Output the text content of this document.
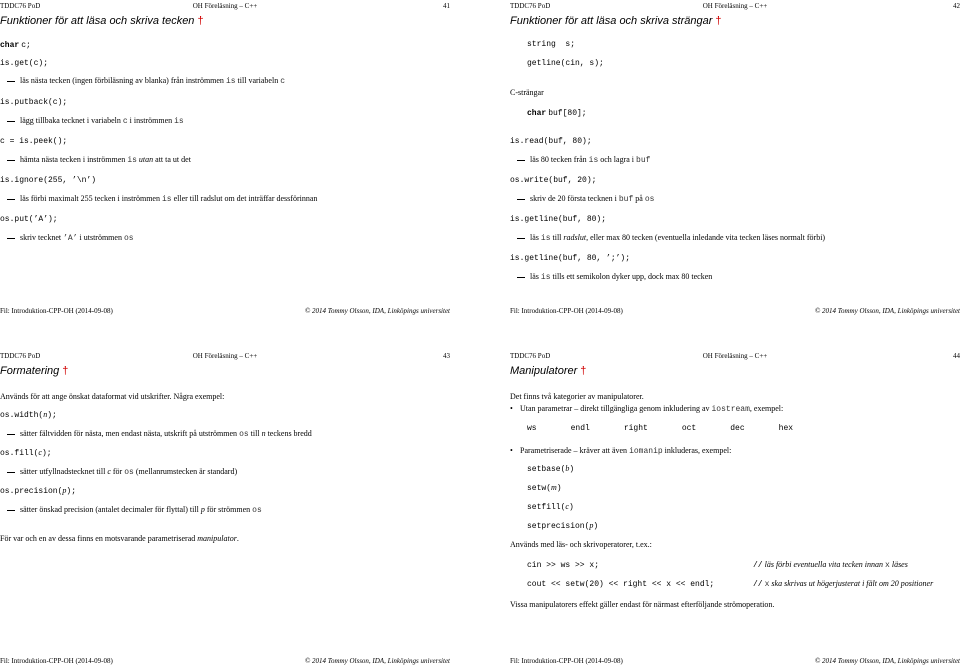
TDDC76 PoD	OH Föreläsning – C++	41
Funktioner för att läsa och skriva tecken †
char c;
is.get(c);
läs nästa tecken (ingen förbiläsning av blanka) från inströmmen is till variabeln c
is.putback(c);
lägg tillbaka tecknet i variabeln c i inströmmen is
c = is.peek();
hämta nästa tecken i inströmmen is utan att ta ut det
is.ignore(255, ’\n’)
läs förbi maximalt 255 tecken i inströmmen is eller till radslut om det inträffar dessförinnan
os.put(’A’);
skriv tecknet ’A’ i utströmmen os
Fil: Introduktion-CPP-OH (2014-09-08)	© 2014 Tommy Olsson, IDA, Linköpings universitet
TDDC76 PoD	OH Föreläsning – C++	42
Funktioner för att läsa och skriva strängar †
string  s;
getline(cin, s);
C-strängar
char buf[80];
is.read(buf, 80);
läs 80 tecken från is och lagra i buf
os.write(buf, 20);
skriv de 20 första tecknen i buf på os
is.getline(buf, 80);
läs is till radslut, eller max 80 tecken (eventuella inledande vita tecken läses normalt förbi)
is.getline(buf, 80, ’;’);
läs is tills ett semikolon dyker upp, dock max 80 tecken
Fil: Introduktion-CPP-OH (2014-09-08)	© 2014 Tommy Olsson, IDA, Linköpings universitet
TDDC76 PoD	OH Föreläsning – C++	43
Formatering †
Används för att ange önskat dataformat vid utskrifter. Några exempel:
os.width(n);
sätter fältvidden för nästa, men endast nästa, utskrift på utströmmen os till n teckens bredd
os.fill(c);
sätter utfyllnadstecknet till c för os (mellanrumstecken är standard)
os.precision(p);
sätter önskad precision (antalet decimaler för flyttal) till p för strömmen os
För var och en av dessa finns en motsvarande parametriserad manipulator.
Fil: Introduktion-CPP-OH (2014-09-08)	© 2014 Tommy Olsson, IDA, Linköpings universitet
TDDC76 PoD	OH Föreläsning – C++	44
Manipulatorer †
Det finns två kategorier av manipulatorer.
• Utan parametrar – direkt tillgängliga genom inkludering av iostream, exempel:
ws	endl	right	oct	dec	hex
• Parametriserade – kräver att även iomanip inkluderas, exempel:
setbase(b)
setw(m)
setfill(c)
setprecision(p)
Används med läs- och skrivoperatorer, t.ex.:
cin >> ws >> x;	// läs förbi eventuella vita tecken innan x läses
cout << setw(20) << right << x << endl;	// x ska skrivas ut högerjusterat i fält om 20 positioner
Vissa manipulatorers effekt gäller endast för närmast efterföljande strömoperation.
Fil: Introduktion-CPP-OH (2014-09-08)	© 2014 Tommy Olsson, IDA, Linköpings universitet
